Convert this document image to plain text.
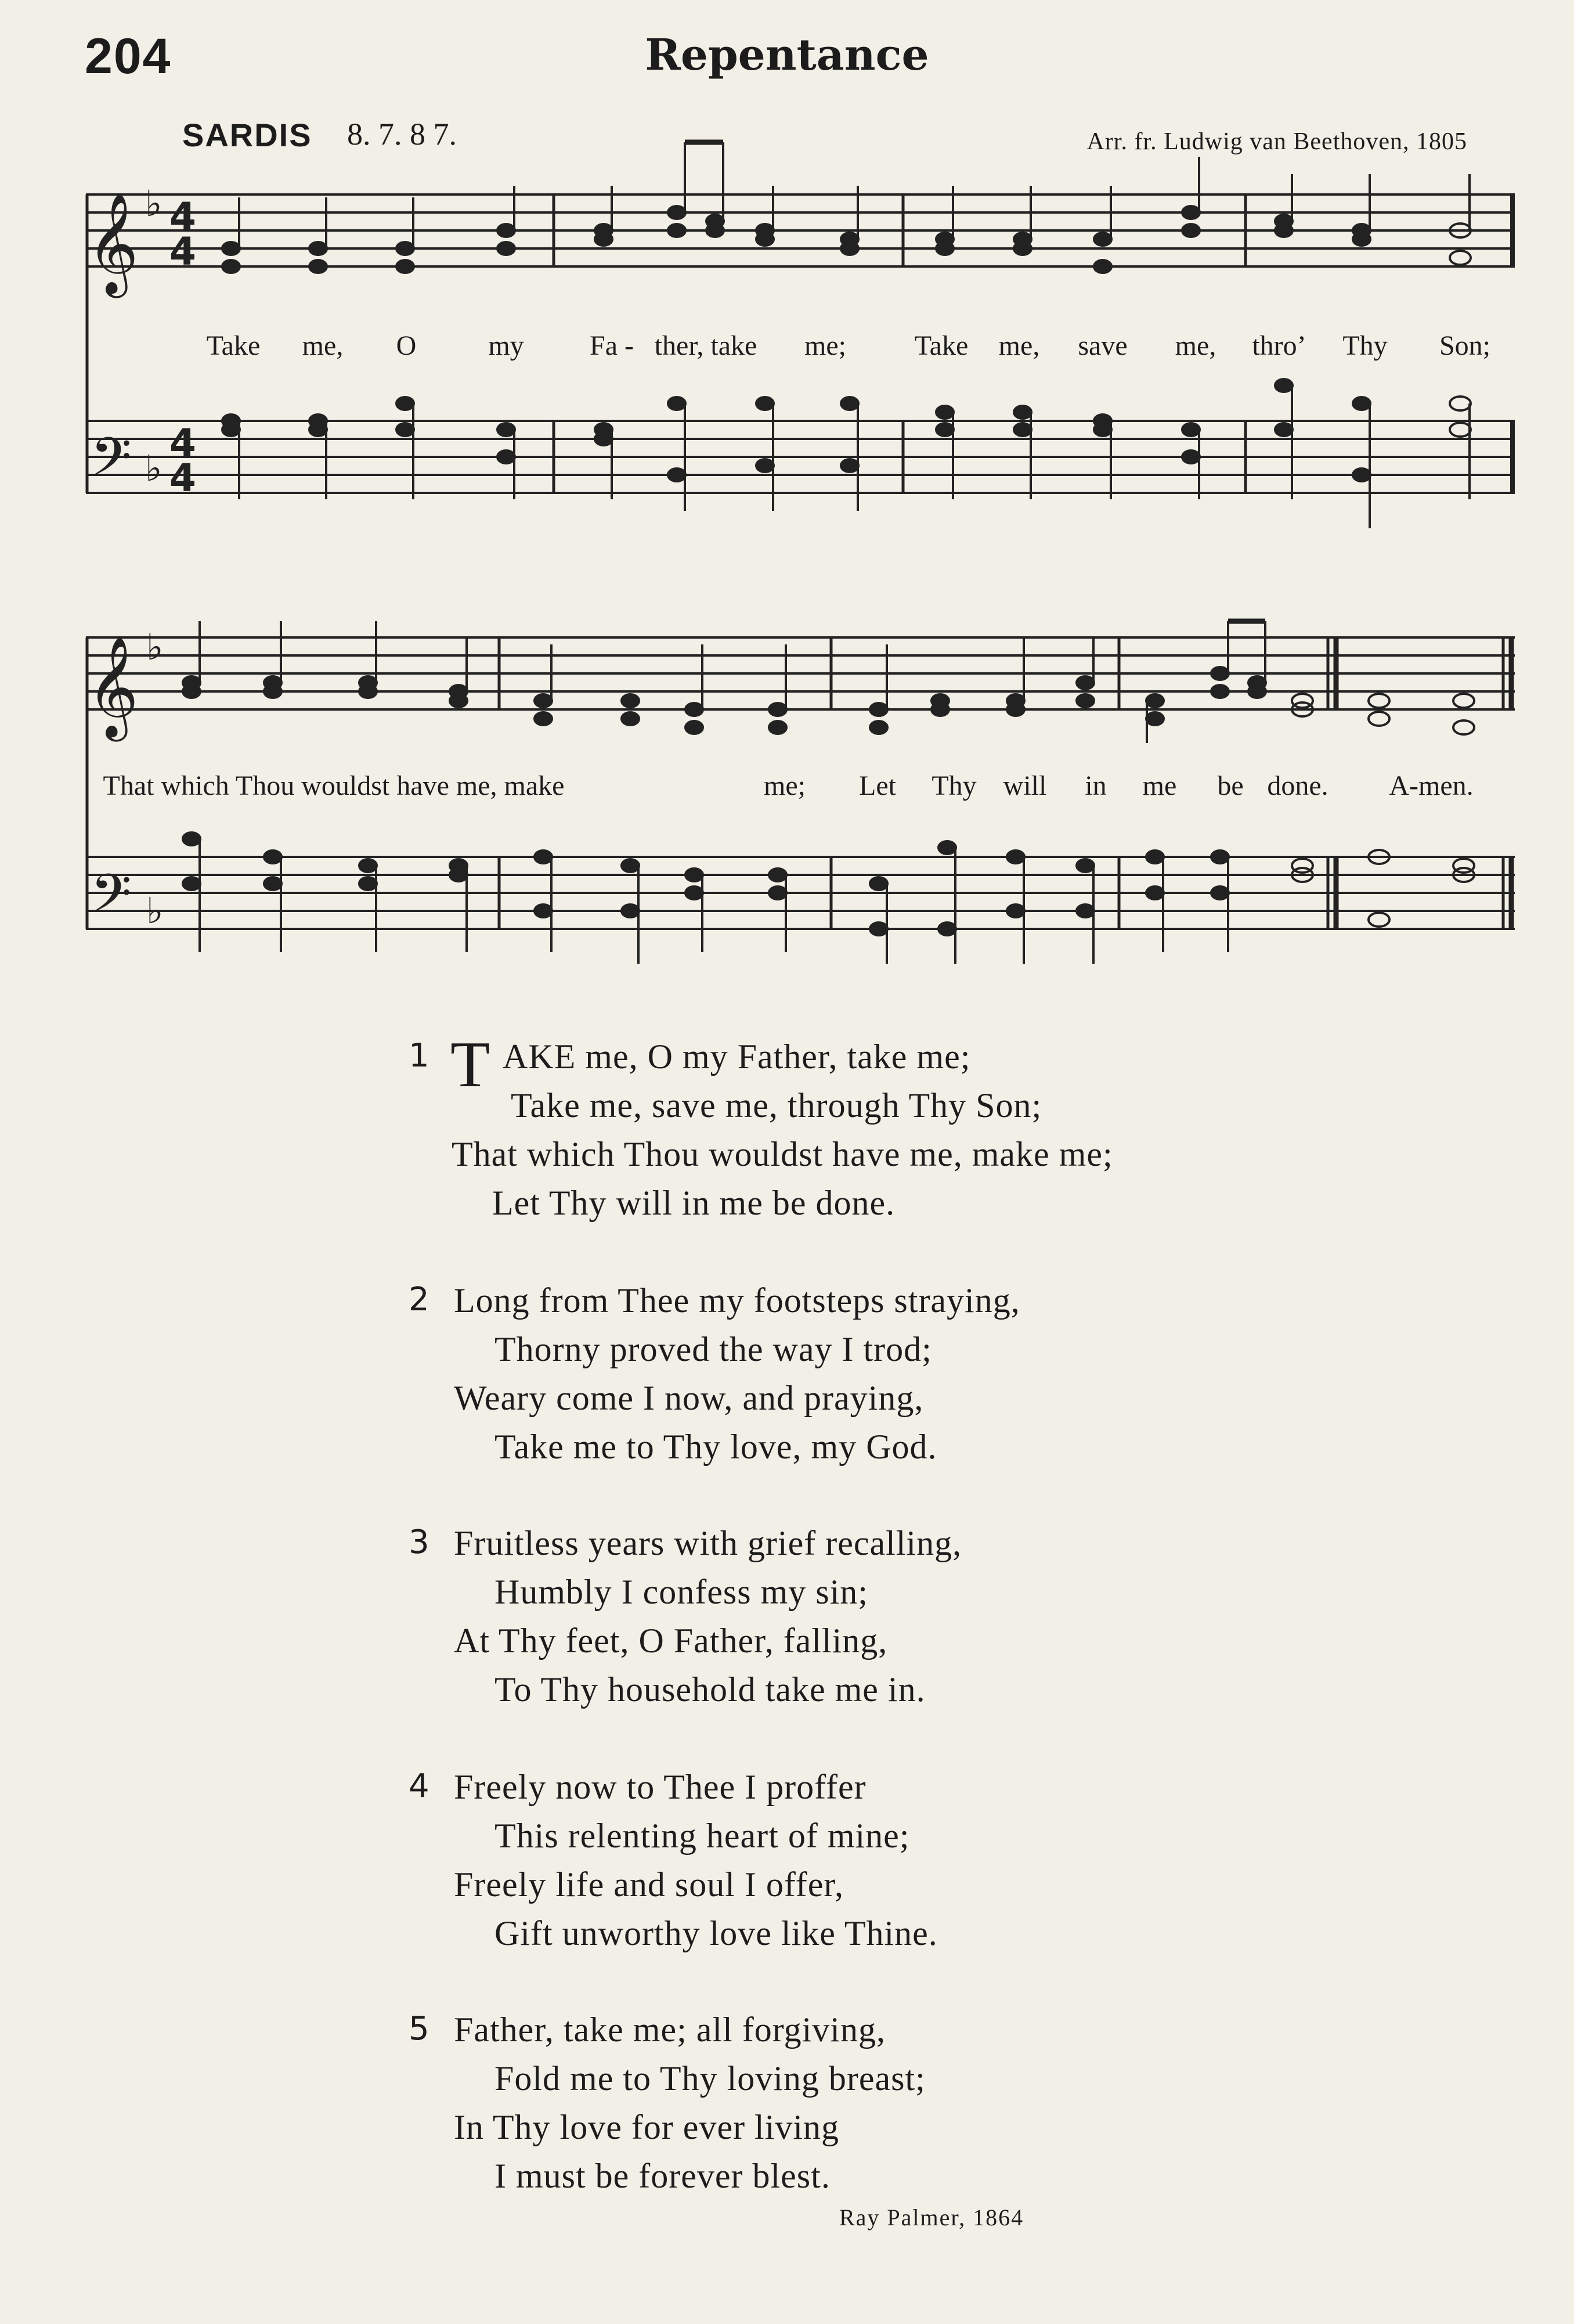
204	Repentance
SARDIS 8. 7. 8 7.	Arr. fr. Ludwig van Beethoven, 1805
𝄞
𝄢
𝄞
𝄢
♭
♭
♭
♭
4
4
4
4
Take me, O	my Fa - ther, take me; Take me, save me, thro’ Thy Son;
That which Thou wouldst have me, make	me; Let Thy will in me be done. A-men.
1 T AKE me, O my Father, take me;
Take me, save me, through Thy Son;
That which Thou wouldst have me, make me;
Let Thy will in me be done.
2 Long from Thee my footsteps straying,
Thorny proved the way I trod;
Weary come I now, and praying,
Take me to Thy love, my God.
3 Fruitless years with grief recalling,
Humbly I confess my sin;
At Thy feet, O Father, falling,
To Thy household take me in.
4 Freely now to Thee I proffer
This relenting heart of mine;
Freely life and soul I offer,
Gift unworthy love like Thine.
5 Father, take me; all forgiving,
Fold me to Thy loving breast;
In Thy love for ever living
I must be forever blest.
Ray Palmer, 1864
